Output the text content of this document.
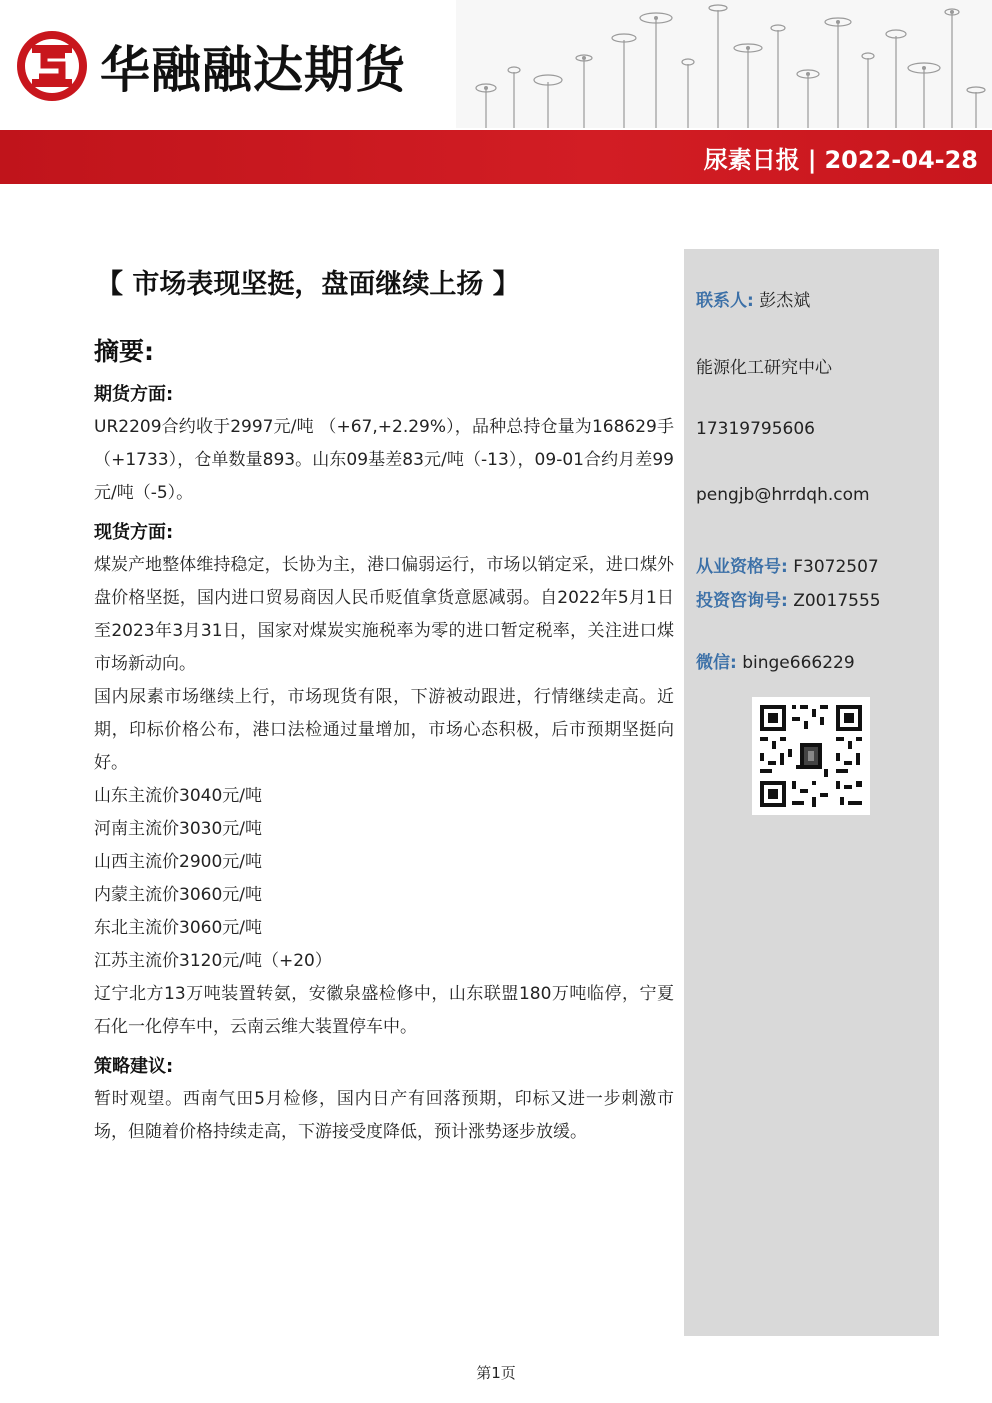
华融融达期货
尿素日报 | 2022-04-28
【 市场表现坚挺，盘面继续上扬 】
摘要:
期货方面:
UR2209合约收于2997元/吨 （+67,+2.29%），品种总持仓量为168629手 （+1733），仓单数量893。山东09基差83元/吨（-13），09-01合约月差99元/吨（-5）。
现货方面:
煤炭产地整体维持稳定，长协为主，港口偏弱运行，市场以销定采，进口煤外盘价格坚挺，国内进口贸易商因人民币贬值拿货意愿减弱。自2022年5月1日至2023年3月31日，国家对煤炭实施税率为零的进口暂定税率，关注进口煤市场新动向。
国内尿素市场继续上行，市场现货有限，下游被动跟进，行情继续走高。近期，印标价格公布，港口法检通过量增加，市场心态积极，后市预期坚挺向好。
山东主流价3040元/吨
河南主流价3030元/吨
山西主流价2900元/吨
内蒙主流价3060元/吨
东北主流价3060元/吨
江苏主流价3120元/吨（+20）
辽宁北方13万吨装置转氨，安徽泉盛检修中，山东联盟180万吨临停，宁夏石化一化停车中，云南云维大装置停车中。
策略建议:
暂时观望。西南气田5月检修，国内日产有回落预期，印标又进一步刺激市场，但随着价格持续走高，下游接受度降低，预计涨势逐步放缓。
联系人: 彭杰斌
能源化工研究中心
17319795606
pengjb@hrrdqh.com
从业资格号: F3072507
投资咨询号: Z0017555
微信: binge666229
第1页
